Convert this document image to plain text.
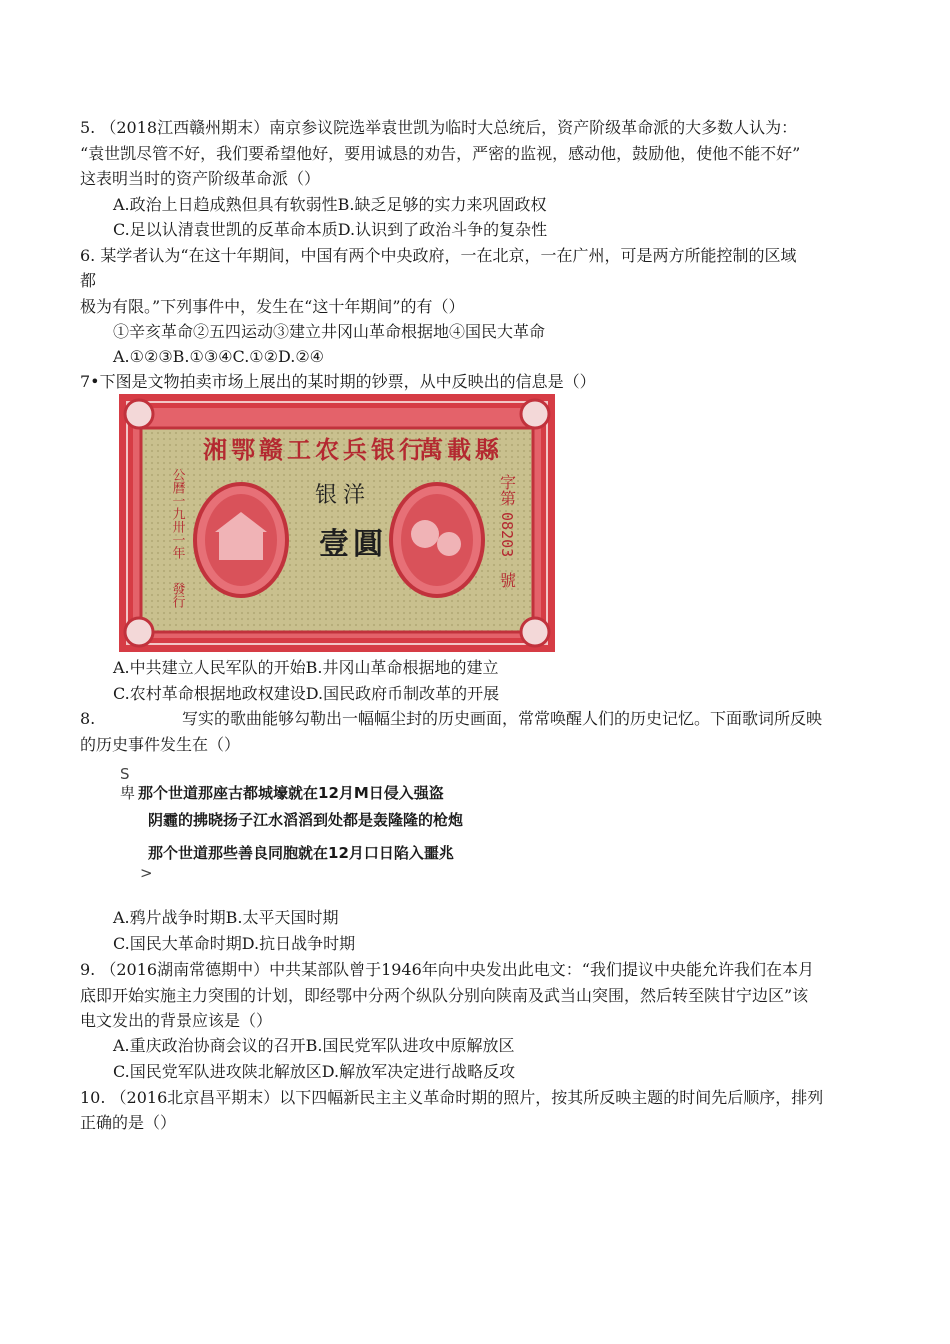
5. （2018江西赣州期末）南京参议院选举袁世凯为临时大总统后，资产阶级革命派的大多数人认为：
“袁世凯尽管不好，我们要希望他好，要用诚恳的劝告，严密的监视，感动他，鼓励他，使他不能不好”
这表明当时的资产阶级革命派（）
A.政治上日趋成熟但具有软弱性B.缺乏足够的实力来巩固政权
C.足以认清袁世凯的反革命本质D.认识到了政治斗争的复杂性
6. 某学者认为“在这十年期间，中国有两个中央政府，一在北京，一在广州，可是两方所能控制的区域
都
极为有限。”下列事件中，发生在“这十年期间”的有（）
①辛亥革命②五四运动③建立井冈山革命根据地④国民大革命
A.①②③B.①③④C.①②D.②④
7•下图是文物拍卖市场上展出的某时期的钞票，从中反映出的信息是（）
湘鄂赣工农兵银行
萬載縣
公曆一九卅一年
發行
银洋
壹圓
字第
08203
號
A.中共建立人民军队的开始B.井冈山革命根据地的建立
C.农村革命根据地政权建设D.国民政府币制改革的开展
8.	写实的歌曲能够勾勒出一幅幅尘封的历史画面，常常唤醒人们的历史记忆。下面歌词所反映
的历史事件发生在（）
S
卑 那个世道那座古都城壕就在12月M日侵入强盗
阴霾的拂晓扬子江水滔滔到处都是轰隆隆的枪炮
那个世道那些善良同胞就在12月口日陷入噩兆
>
A.鸦片战争时期B.太平天国时期
C.国民大革命时期D.抗日战争时期
9. （2016湖南常德期中）中共某部队曾于1946年向中央发出此电文：“我们提议中央能允许我们在本月
底即开始实施主力突围的计划，即经鄂中分两个纵队分别向陕南及武当山突围，然后转至陕甘宁边区”该
电文发出的背景应该是（）
A.重庆政治协商会议的召开B.国民党军队进攻中原解放区
C.国民党军队进攻陕北解放区D.解放军决定进行战略反攻
10. （2016北京昌平期末）以下四幅新民主主义革命时期的照片，按其所反映主题的时间先后顺序，排列
正确的是（）
